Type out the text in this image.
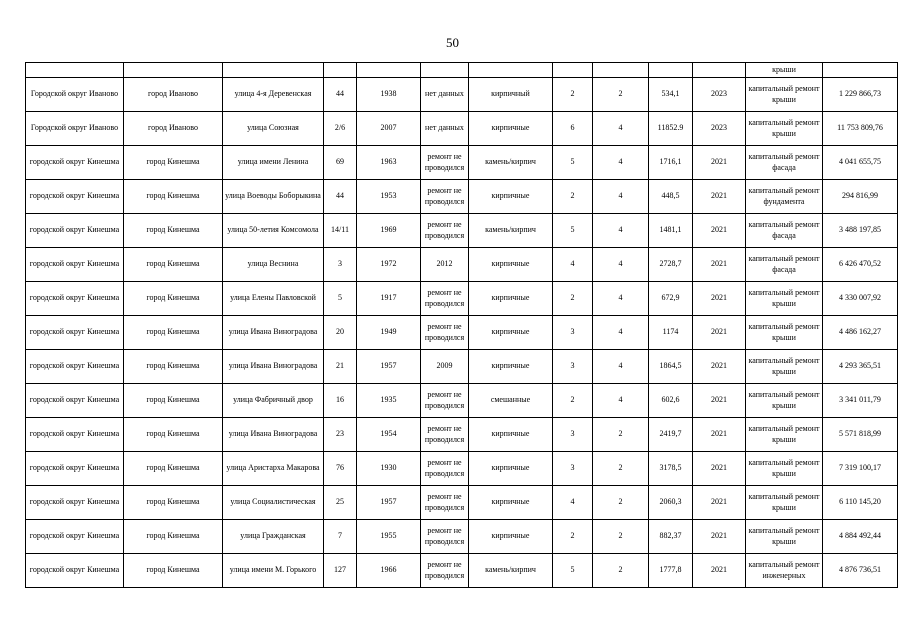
50
											крыши	
Городской округ Иваново	город Иваново	улица 4-я Деревенская	44	1938	нет данных	кирпичный	2	2	534,1	2023	капитальный ремонт крыши	1 229 866,73
Городской округ Иваново	город Иваново	улица Союзная	2/6	2007	нет данных	кирпичные	6	4	11852.9	2023	капитальный ремонт крыши	11 753 809,76
городской округ Кинешма	город Кинешма	улица имени Ленина	69	1963	ремонт не проводился	камень/кирпич	5	4	1716,1	2021	капитальный ремонт фасада	4 041 655,75
городской округ Кинешма	город Кинешма	улица Воеводы Боборыкина	44	1953	ремонт не проводился	кирпичные	2	4	448,5	2021	капитальный ремонт фундамента	294 816,99
городской округ Кинешма	город Кинешма	улица 50-летия Комсомола	14/11	1969	ремонт не проводился	камень/кирпич	5	4	1481,1	2021	капитальный ремонт фасада	3 488 197,85
городской округ Кинешма	город Кинешма	улица Веснина	3	1972	2012	кирпичные	4	4	2728,7	2021	капитальный ремонт фасада	6 426 470,52
городской округ Кинешма	город Кинешма	улица Елены Павловской	5	1917	ремонт не проводился	кирпичные	2	4	672,9	2021	капитальный ремонт крыши	4 330 007,92
городской округ Кинешма	город Кинешма	улица Ивана Виноградова	20	1949	ремонт не проводился	кирпичные	3	4	1174	2021	капитальный ремонт крыши	4 486 162,27
городской округ Кинешма	город Кинешма	улица Ивана Виноградова	21	1957	2009	кирпичные	3	4	1864,5	2021	капитальный ремонт крыши	4 293 365,51
городской округ Кинешма	город Кинешма	улица Фабричный двор	16	1935	ремонт не проводился	смешанные	2	4	602,6	2021	капитальный ремонт крыши	3 341 011,79
городской округ Кинешма	город Кинешма	улица Ивана Виноградова	23	1954	ремонт не проводился	кирпичные	3	2	2419,7	2021	капитальный ремонт крыши	5 571 818,99
городской округ Кинешма	город Кинешма	улица Аристарха Макарова	76	1930	ремонт не проводился	кирпичные	3	2	3178,5	2021	капитальный ремонт крыши	7 319 100,17
городской округ Кинешма	город Кинешма	улица Социалистическая	25	1957	ремонт не проводился	кирпичные	4	2	2060,3	2021	капитальный ремонт крыши	6 110 145,20
городской округ Кинешма	город Кинешма	улица Гражданская	7	1955	ремонт не проводился	кирпичные	2	2	882,37	2021	капитальный ремонт крыши	4 884 492,44
городской округ Кинешма	город Кинешма	улица имени М. Горького	127	1966	ремонт не проводился	камень/кирпич	5	2	1777,8	2021	капитальный ремонт инженерных	4 876 736,51
